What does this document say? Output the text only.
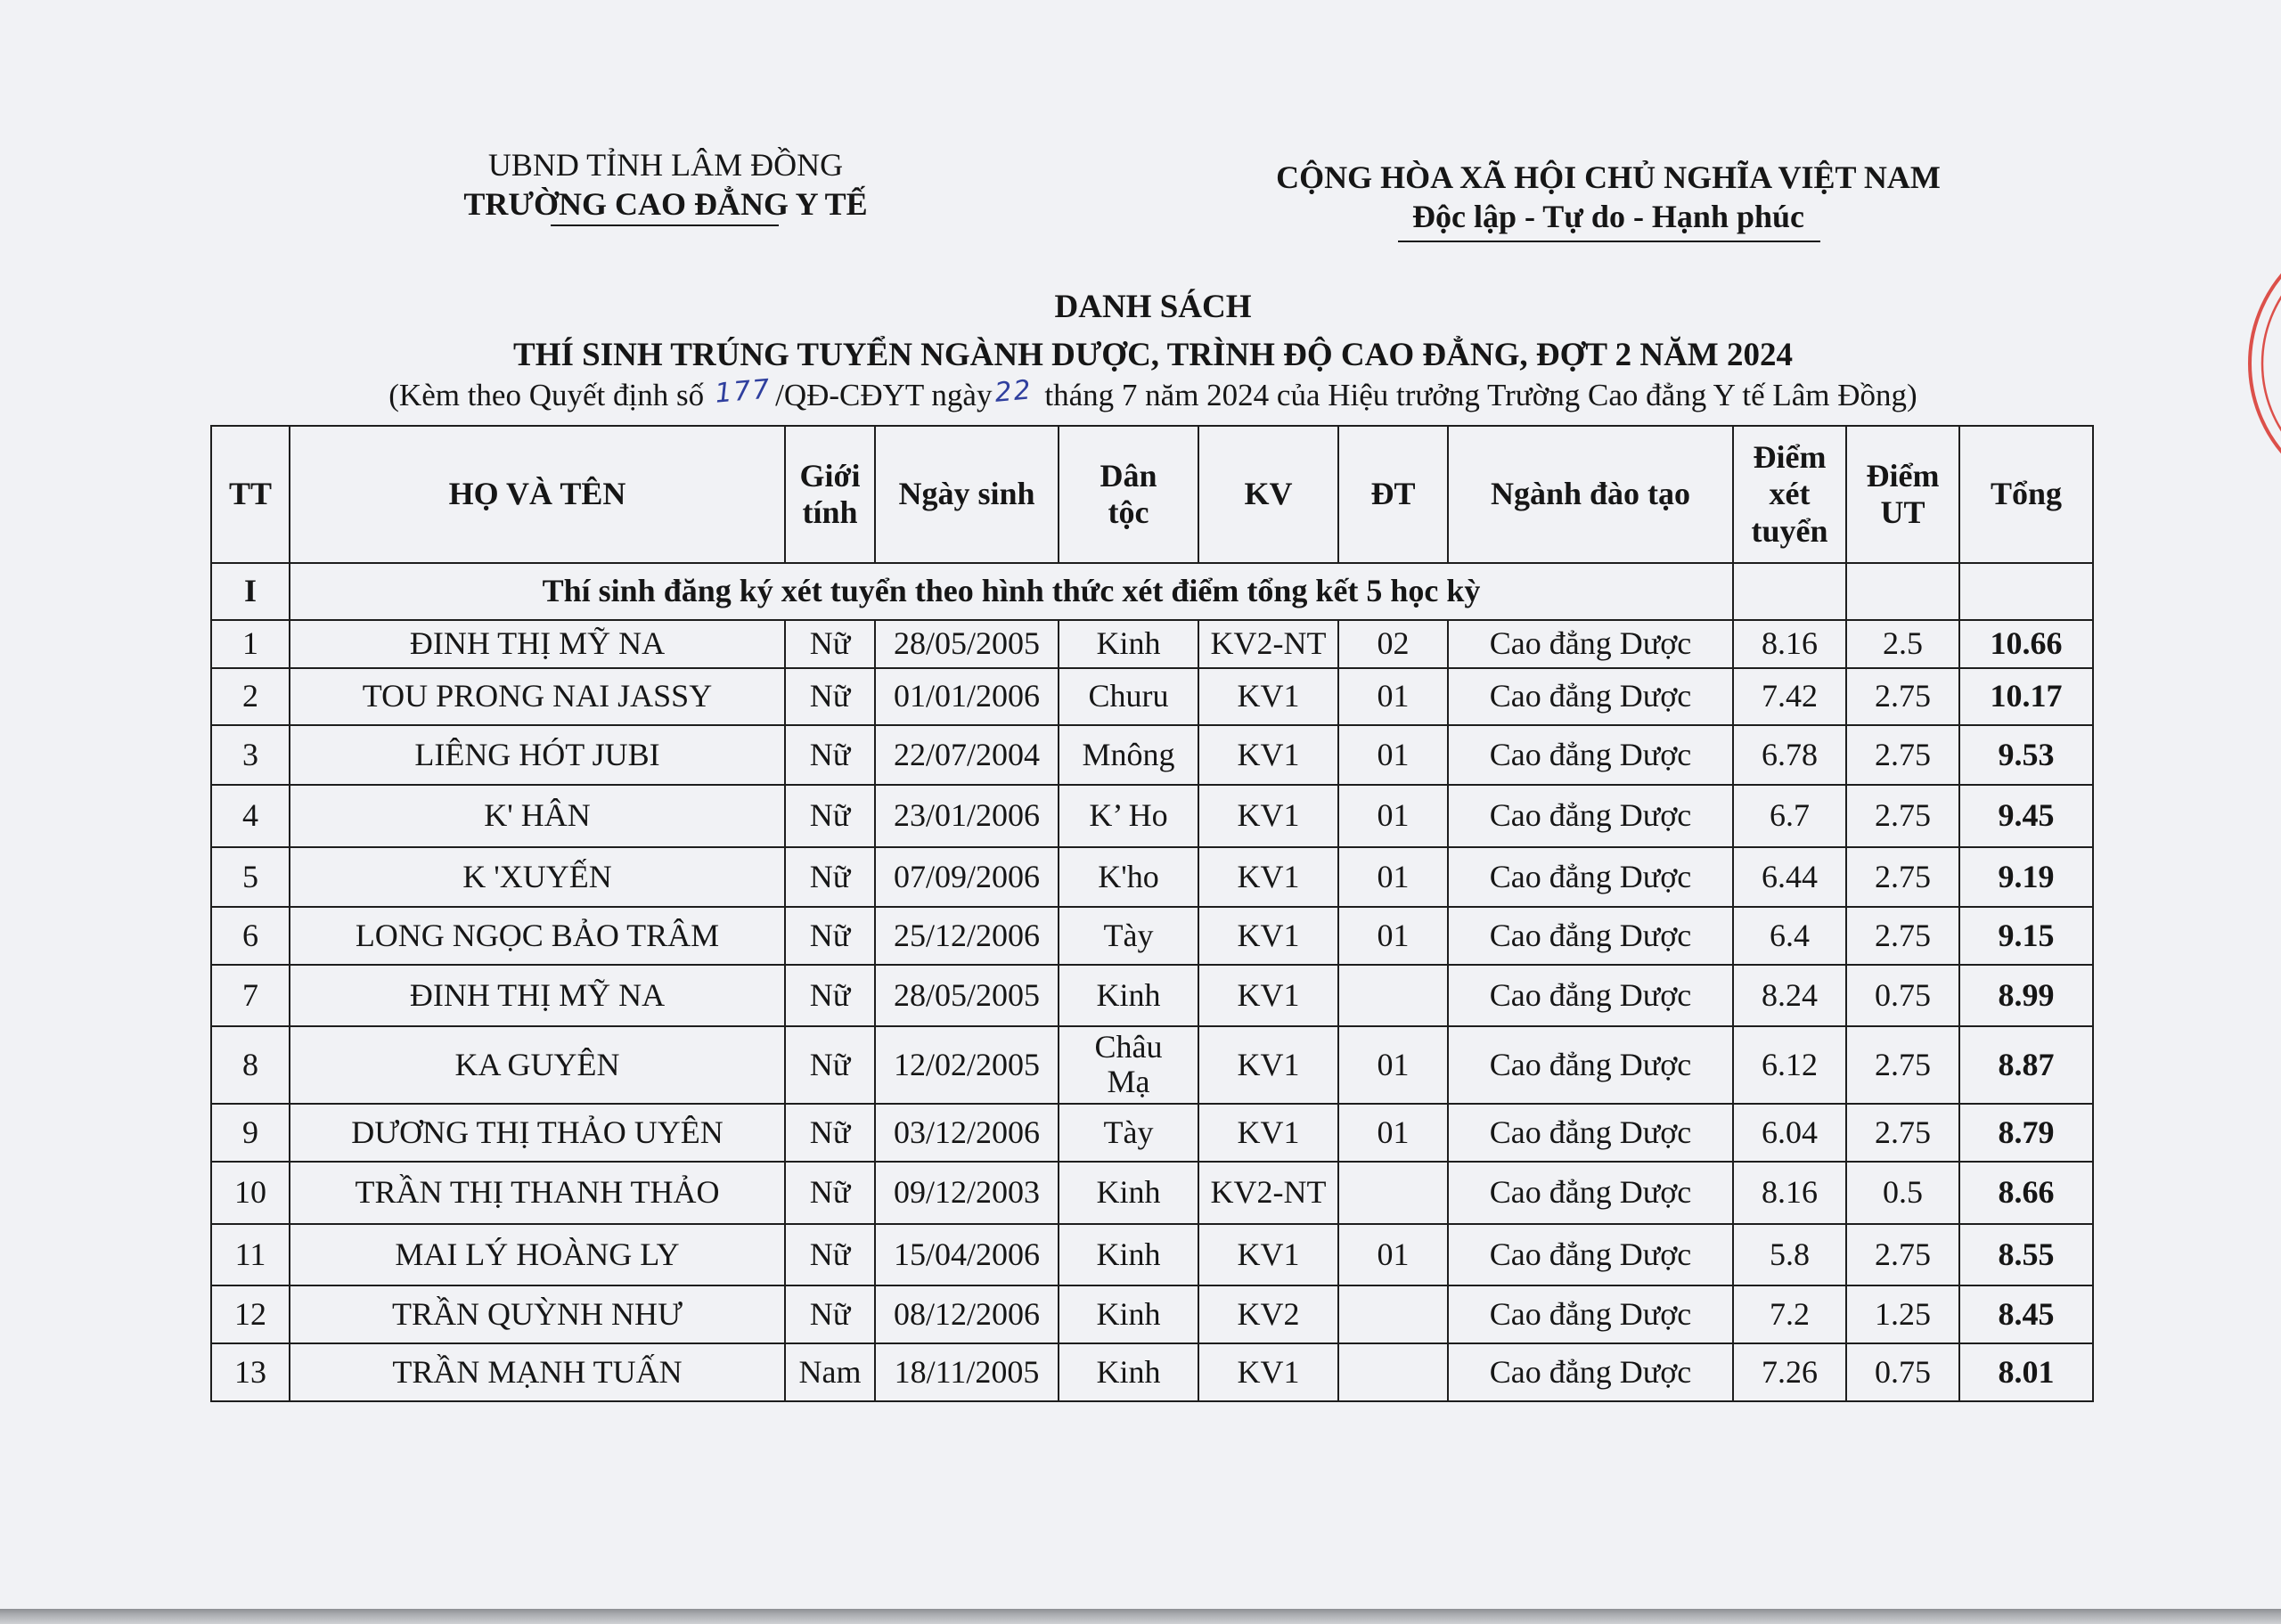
UBND TỈNH LÂM ĐỒNG
TRƯỜNG CAO ĐẲNG Y TẾ
CỘNG HÒA XÃ HỘI CHỦ NGHĨA VIỆT NAM
Độc lập - Tự do - Hạnh phúc
DANH SÁCH
THÍ SINH TRÚNG TUYỂN NGÀNH DƯỢC, TRÌNH ĐỘ CAO ĐẲNG, ĐỢT 2 NĂM 2024
(Kèm theo Quyết định số 177/QĐ-CĐYT ngày22 tháng 7 năm 2024 của Hiệu trưởng Trường Cao đẳng Y tế Lâm Đồng)
TT	HỌ VÀ TÊN	Giới tính	Ngày sinh	Dân tộc	KV	ĐT	Ngành đào tạo	Điểm xét tuyển	Điểm UT	Tổng
I	Thí sinh đăng ký xét tuyển theo hình thức xét điểm tổng kết 5 học kỳ									
1	ĐINH THỊ MỸ NA	Nữ	28/05/2005	Kinh	KV2-NT	02	Cao đẳng Dược	8.16	2.5	10.66
2	TOU PRONG NAI JASSY	Nữ	01/01/2006	Churu	KV1	01	Cao đẳng Dược	7.42	2.75	10.17
3	LIÊNG HÓT JUBI	Nữ	22/07/2004	Mnông	KV1	01	Cao đẳng Dược	6.78	2.75	9.53
4	K' HÂN	Nữ	23/01/2006	K’ Ho	KV1	01	Cao đẳng Dược	6.7	2.75	9.45
5	K 'XUYẾN	Nữ	07/09/2006	K'ho	KV1	01	Cao đẳng Dược	6.44	2.75	9.19
6	LONG NGỌC BẢO TRÂM	Nữ	25/12/2006	Tày	KV1	01	Cao đẳng Dược	6.4	2.75	9.15
7	ĐINH THỊ MỸ NA	Nữ	28/05/2005	Kinh	KV1		Cao đẳng Dược	8.24	0.75	8.99
8	KA GUYÊN	Nữ	12/02/2005	Châu Mạ	KV1	01	Cao đẳng Dược	6.12	2.75	8.87
9	DƯƠNG THỊ THẢO UYÊN	Nữ	03/12/2006	Tày	KV1	01	Cao đẳng Dược	6.04	2.75	8.79
10	TRẦN THỊ THANH THẢO	Nữ	09/12/2003	Kinh	KV2-NT		Cao đẳng Dược	8.16	0.5	8.66
11	MAI LÝ HOÀNG LY	Nữ	15/04/2006	Kinh	KV1	01	Cao đẳng Dược	5.8	2.75	8.55
12	TRẦN QUỲNH NHƯ	Nữ	08/12/2006	Kinh	KV2		Cao đẳng Dược	7.2	1.25	8.45
13	TRẦN MẠNH TUẤN	Nam	18/11/2005	Kinh	KV1		Cao đẳng Dược	7.26	0.75	8.01
